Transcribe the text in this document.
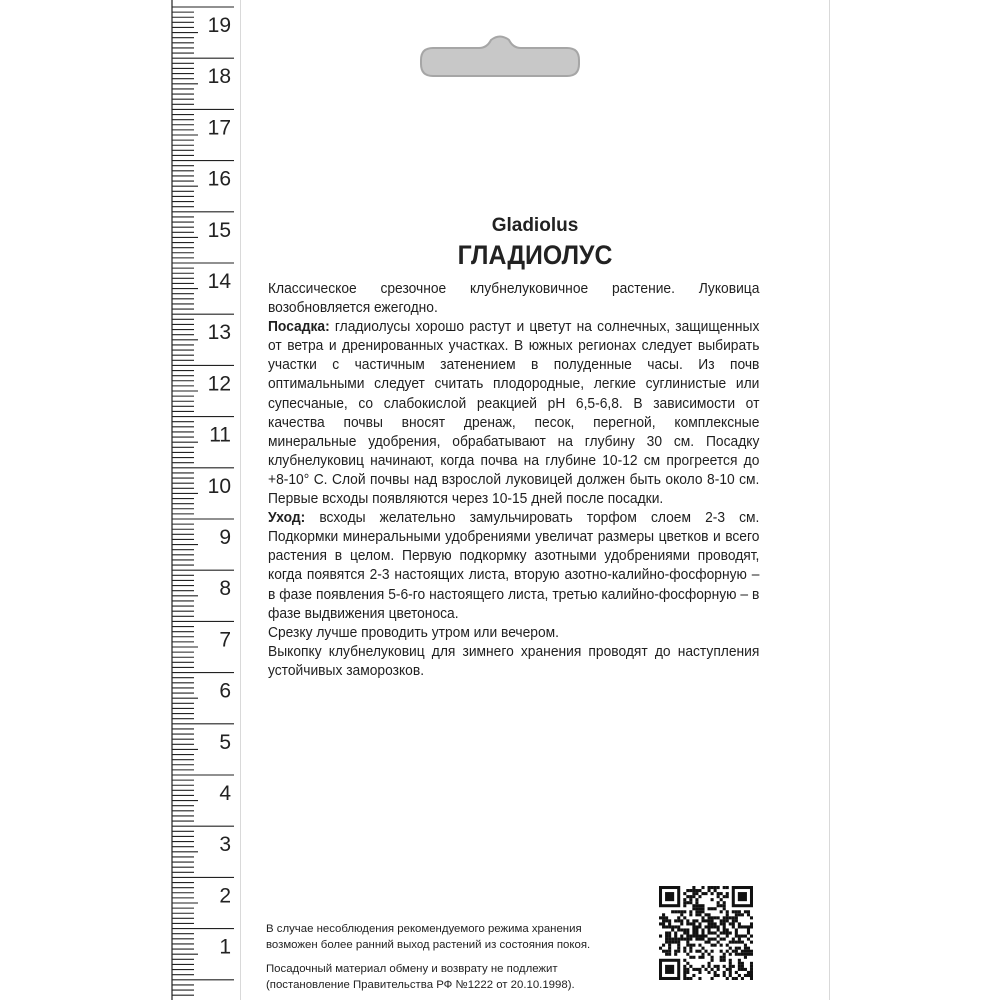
19
18
17
16
15
14
13
12
11
10
9
8
7
6
5
4
3
2
1
Gladiolus
ГЛАДИОЛУС

Классическое срезочное клубнелуковичное растение. Луковица возобновляется ежегодно.

Посадка: гладиолусы хорошо растут и цветут на солнечных, защищенных от ветра и дренированных участках. В южных регионах следует выбирать участки с частичным затенением в полуденные часы. Из почв оптимальными следует считать плодородные, легкие суглинистые или супесчаные, со слабокислой реакцией pH 6,5-6,8. В зависимости от качества почвы вносят дренаж, песок, перегной, комплексные минеральные удобрения, обрабатывают на глубину 30 см. Посадку клубнелуковиц начинают, когда почва на глубине 10-12 см прогреется до +8-10° С. Слой почвы над взрослой луковицей должен быть около 8-10 см. Первые всходы появляются через 10-15 дней после посадки.

Уход: всходы желательно замульчировать торфом слоем 2-3 см. Подкормки минеральными удобрениями увеличат размеры цветков и всего растения в целом. Первую подкормку азотными удобрениями проводят, когда появятся 2-3 настоящих листа, вторую азотно-калийно-фосфорную – в фазе появления 5-6-го настоящего листа, третью калийно-фосфорную – в фазе выдвижения цветоноса.

Срезку лучше проводить утром или вечером.

Выкопку клубнелуковиц для зимнего хранения проводят до наступления устойчивых заморозков.

В случае несоблюдения рекомендуемого режима хранения возможен более ранний выход растений из состояния покоя.

Посадочный материал обмену и возврату не подлежит (постановление Правительства РФ №1222 от 20.10.1998).
